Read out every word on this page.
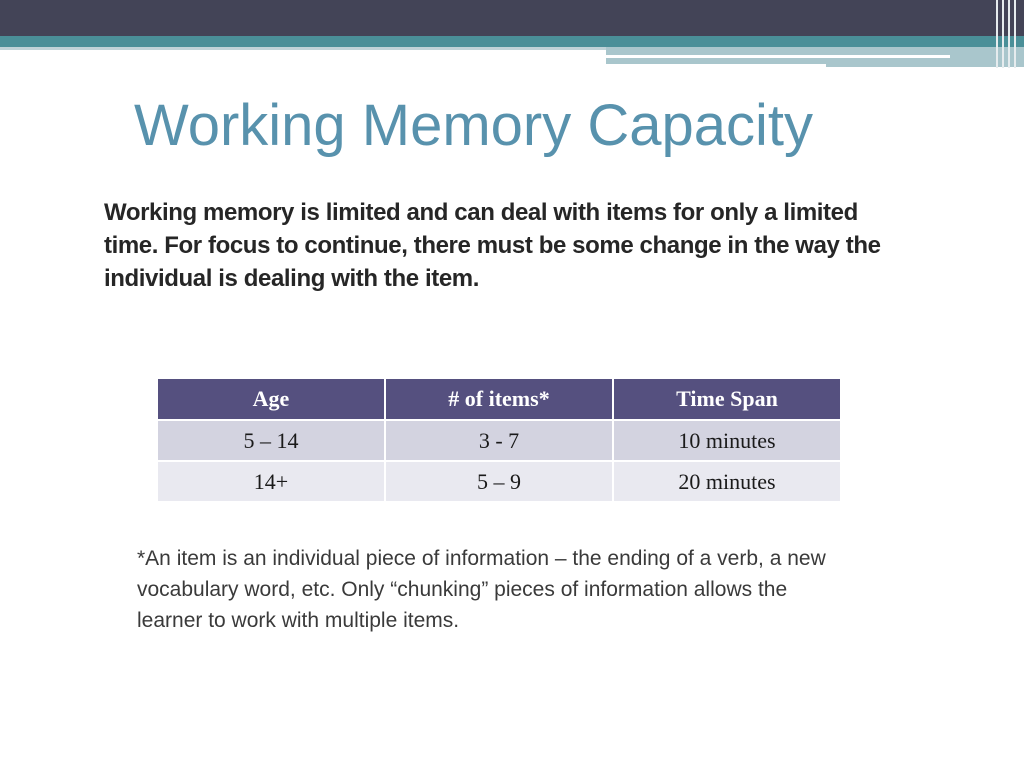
Working Memory Capacity

Working memory is limited and can deal with items for only a limited time. For focus to continue, there must be some change in the way the individual is dealing with the item.

Age	# of items*	Time Span
5 – 14	3 - 7	10 minutes
14+	5 – 9	20 minutes

*An item is an individual piece of information – the ending of a verb, a new vocabulary word, etc. Only “chunking” pieces of information allows the learner to work with multiple items.
